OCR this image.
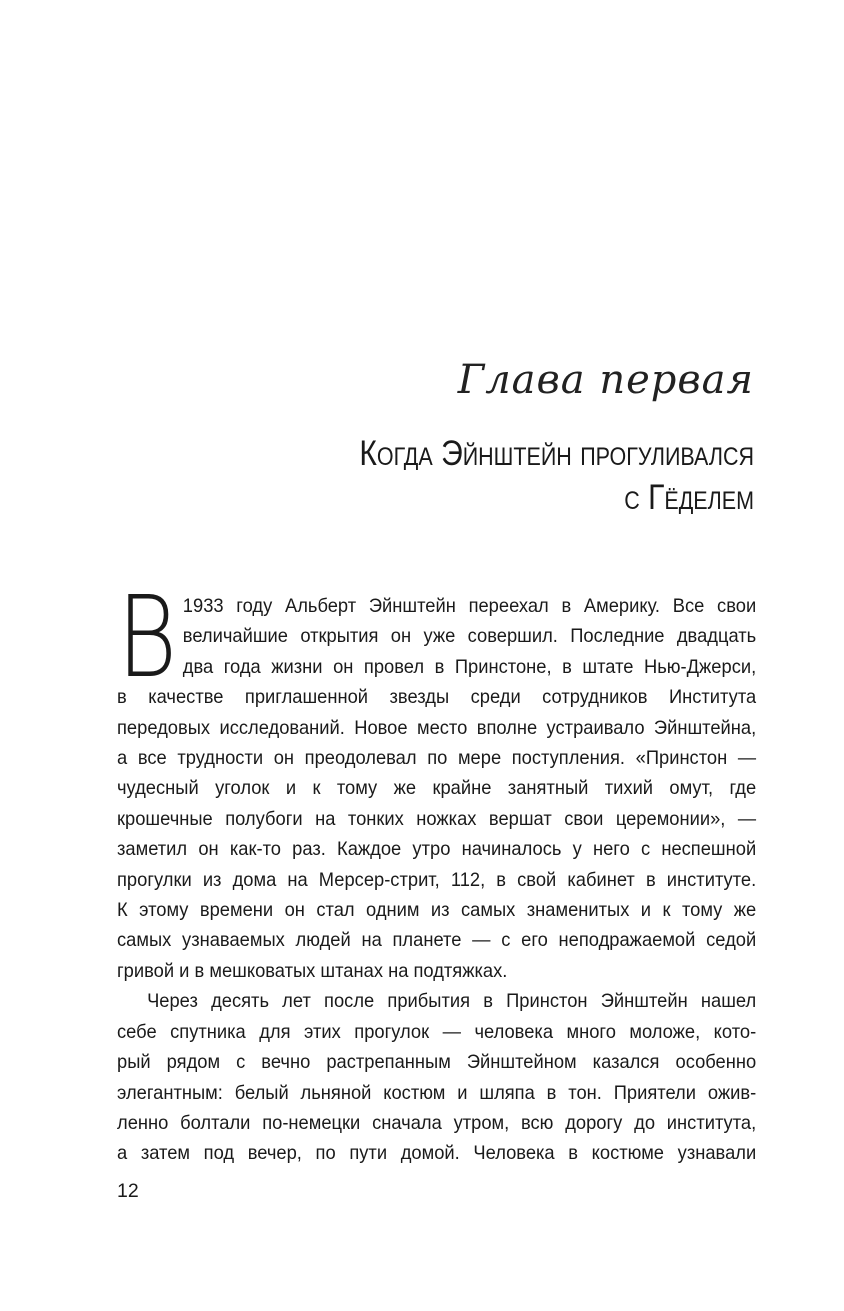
Глава первая
Когда Эйнштейн прогуливался
с Гёделем
В 1933 году Альберт Эйнштейн переехал в Америку. Все свои
величайшие открытия он уже совершил. Последние двадцать
два года жизни он провел в Принстоне, в штате Нью-Джерси,
в качестве приглашенной звезды среди сотрудников Института
передовых исследований. Новое место вполне устраивало Эйнштейна,
а все трудности он преодолевал по мере поступления. «Принстон —
чудесный уголок и к тому же крайне занятный тихий омут, где
крошечные полубоги на тонких ножках вершат свои церемонии», —
заметил он как-то раз. Каждое утро начиналось у него с неспешной
прогулки из дома на Мерсер-стрит, 112, в свой кабинет в институте.
К этому времени он стал одним из самых знаменитых и к тому же
самых узнаваемых людей на планете — с его неподражаемой седой
гривой и в мешковатых штанах на подтяжках.
Через десять лет после прибытия в Принстон Эйнштейн нашел
себе спутника для этих прогулок — человека много моложе, кото-
рый рядом с вечно растрепанным Эйнштейном казался особенно
элегантным: белый льняной костюм и шляпа в тон. Приятели ожив-
ленно болтали по-немецки сначала утром, всю дорогу до института,
а затем под вечер, по пути домой. Человека в костюме узнавали
12
